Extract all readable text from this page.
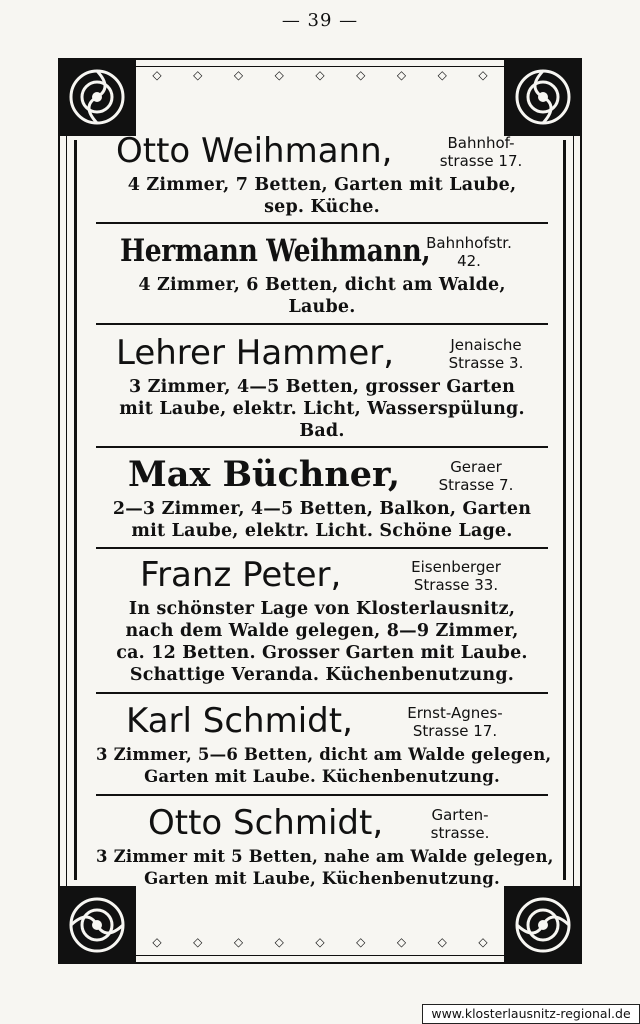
— 39 —
◇	◇	◇	◇	◇	◇	◇	◇	◇
◇	◇	◇	◇	◇	◇	◇	◇	◇
Otto Weihmann,	Bahnhof-
strasse 17.

4 Zimmer, 7 Betten, Garten mit Laube,
sep. Küche.

Hermann Weihmann,
Bahnhofstr.
42.

4 Zimmer, 6 Betten, dicht am Walde,
Laube.

Lehrer Hammer,	Jenaische
Strasse 3.

3 Zimmer, 4—5 Betten, grosser Garten
mit Laube, elektr. Licht, Wasserspülung.
Bad.

Max Büchner,	Geraer
Strasse 7.

2—3 Zimmer, 4—5 Betten, Balkon, Garten
mit Laube, elektr. Licht. Schöne Lage.

Franz Peter,	Eisenberger
Strasse 33.

In schönster Lage von Klosterlausnitz,
nach dem Walde gelegen, 8—9 Zimmer,
ca. 12 Betten. Grosser Garten mit Laube.
Schattige Veranda. Küchenbenutzung.

Karl Schmidt,	Ernst-Agnes-
Strasse 17.

3 Zimmer, 5—6 Betten, dicht am Walde gelegen,
Garten mit Laube. Küchenbenutzung.

Otto Schmidt,	Garten-
strasse.

3 Zimmer mit 5 Betten, nahe am Walde gelegen,
Garten mit Laube, Küchenbenutzung.

www.klosterlausnitz-regional.de
